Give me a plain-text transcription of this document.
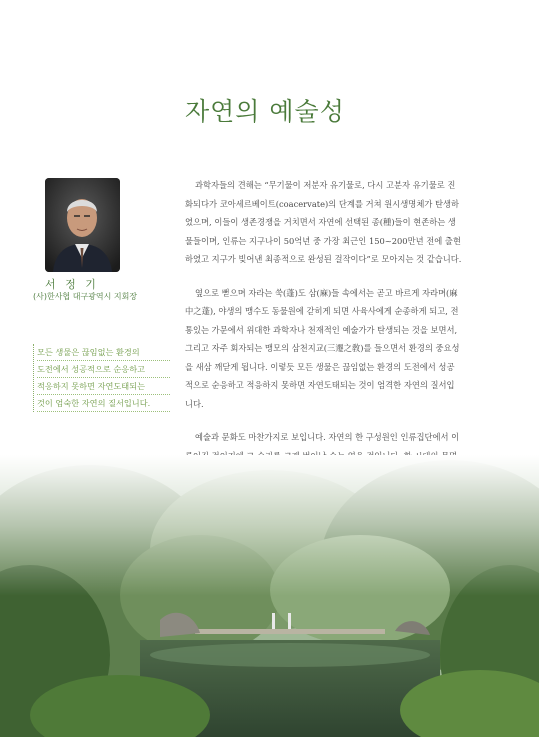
자연의 예술성
서 정 기
(사)한사협 대구광역시 지회장
모든 생물은 끊임없는 환경의
도전에서 성공적으로 순응하고
적응하지 못하면 자연도태되는
것이 엄숙한 자연의 질서입니다.
과학자들의 견해는 “무기물이 저분자 유기물로, 다시 고분자 유기물로 진
화되다가 코아세르베이트(coacervate)의 단계를 거쳐 원시생명체가 탄생하
였으며, 이들이 생존경쟁을 거치면서 자연에 선택된 종(種)들이 현존하는 생
물들이며, 인류는 지구나이 50억년 중 가장 최근인 150~200만년 전에 출현
하였고 지구가 빚어낸 최종적으로 완성된 걸작이다”로 모아지는 것 같습니다.
옆으로 뻗으며 자라는 쑥(蓬)도 삼(麻)들 속에서는 곧고 바르게 자라며(麻
中之蓬), 야생의 맹수도 동물원에 갇히게 되면 사육사에게 순종하게 되고, 전
통있는 가문에서 위대한 과학자나 천재적인 예술가가 탄생되는 것을 보면서,
그리고 자주 회자되는 맹모의 삼천지교(三遷之敎)를 들으면서 환경의 중요성
을 새삼 깨닫게 됩니다. 이렇듯 모든 생물은 끊임없는 환경의 도전에서 성공
적으로 순응하고 적응하지 못하면 자연도태되는 것이 엄격한 자연의 질서입
니다.
예술과 문화도 마찬가지로 보입니다. 자연의 한 구성원인 인류집단에서 이
